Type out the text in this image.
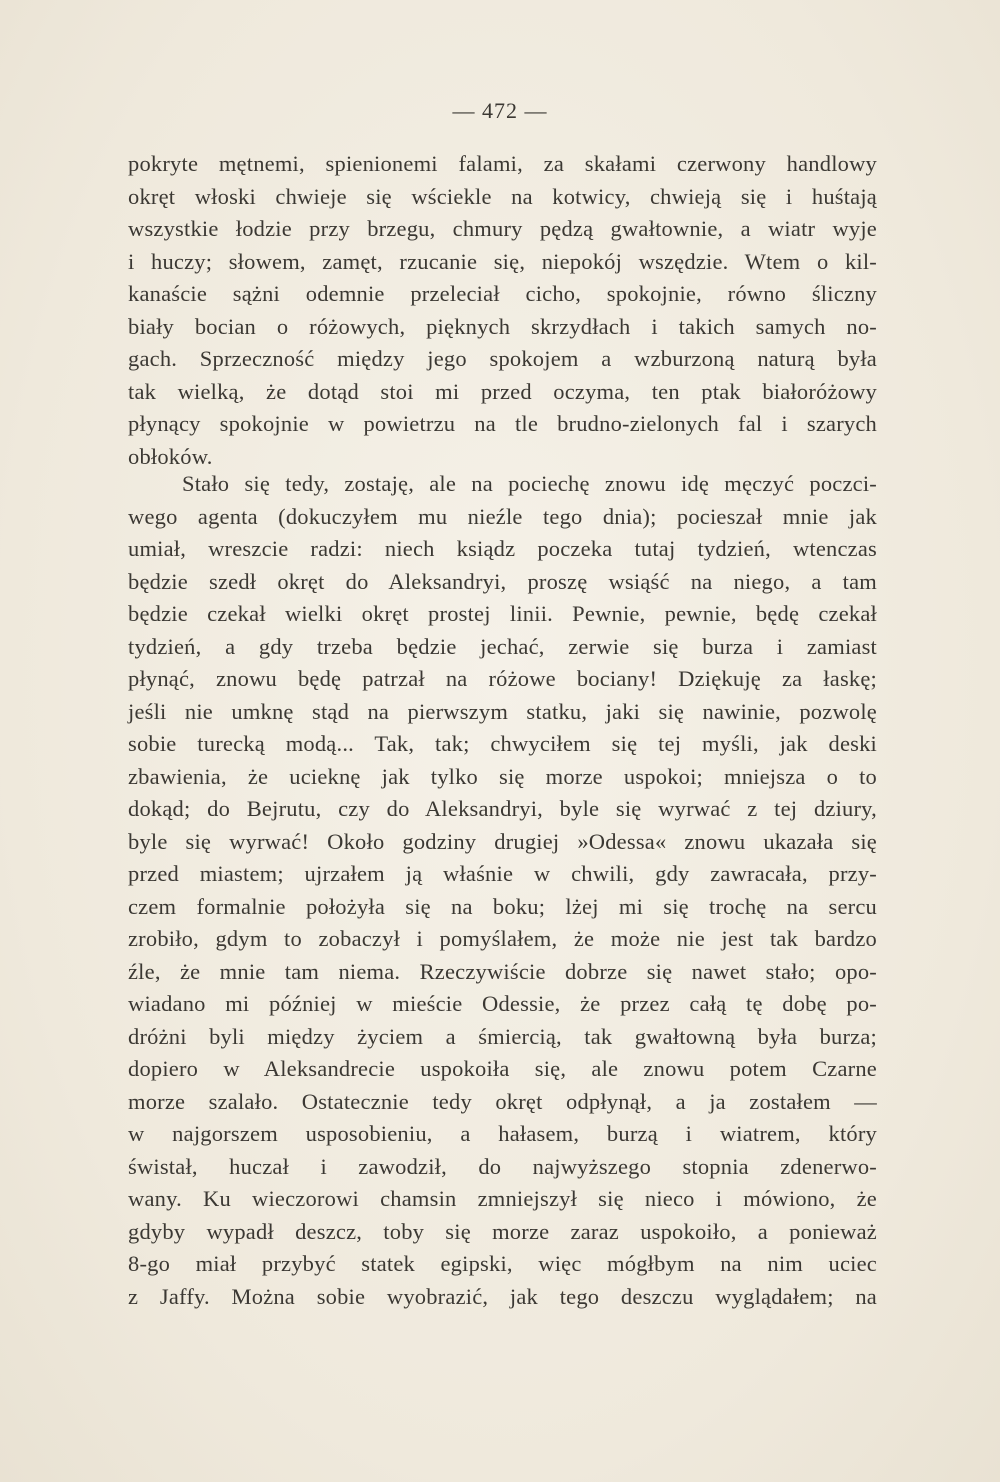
— 472 —
pokryte mętnemi, spienionemi falami, za skałami czerwony handlowy
okręt włoski chwieje się wściekle na kotwicy, chwieją się i huśtają
wszystkie łodzie przy brzegu, chmury pędzą gwałtownie, a wiatr wyje
i huczy; słowem, zamęt, rzucanie się, niepokój wszędzie. Wtem o kil-
kanaście sążni odemnie przeleciał cicho, spokojnie, równo śliczny
biały bocian o różowych, pięknych skrzydłach i takich samych no-
gach. Sprzeczność między jego spokojem a wzburzoną naturą była
tak wielką, że dotąd stoi mi przed oczyma, ten ptak białoróżowy
płynący spokojnie w powietrzu na tle brudno-zielonych fal i szarych
obłoków.
Stało się tedy, zostaję, ale na pociechę znowu idę męczyć poczci-
wego agenta (dokuczyłem mu nieźle tego dnia); pocieszał mnie jak
umiał, wreszcie radzi: niech ksiądz poczeka tutaj tydzień, wtenczas
będzie szedł okręt do Aleksandryi, proszę wsiąść na niego, a tam
będzie czekał wielki okręt prostej linii. Pewnie, pewnie, będę czekał
tydzień, a gdy trzeba będzie jechać, zerwie się burza i zamiast
płynąć, znowu będę patrzał na różowe bociany! Dziękuję za łaskę;
jeśli nie umknę stąd na pierwszym statku, jaki się nawinie, pozwolę
sobie turecką modą... Tak, tak; chwyciłem się tej myśli, jak deski
zbawienia, że ucieknę jak tylko się morze uspokoi; mniejsza o to
dokąd; do Bejrutu, czy do Aleksandryi, byle się wyrwać z tej dziury,
byle się wyrwać! Około godziny drugiej »Odessa« znowu ukazała się
przed miastem; ujrzałem ją właśnie w chwili, gdy zawracała, przy-
czem formalnie położyła się na boku; lżej mi się trochę na sercu
zrobiło, gdym to zobaczył i pomyślałem, że może nie jest tak bardzo
źle, że mnie tam niema. Rzeczywiście dobrze się nawet stało; opo-
wiadano mi później w mieście Odessie, że przez całą tę dobę po-
dróżni byli między życiem a śmiercią, tak gwałtowną była burza;
dopiero w Aleksandrecie uspokoiła się, ale znowu potem Czarne
morze szalało. Ostatecznie tedy okręt odpłynął, a ja zostałem —
w najgorszem usposobieniu, a hałasem, burzą i wiatrem, który
świstał, huczał i zawodził, do najwyższego stopnia zdenerwo-
wany. Ku wieczorowi chamsin zmniejszył się nieco i mówiono, że
gdyby wypadł deszcz, toby się morze zaraz uspokoiło, a ponieważ
8-go miał przybyć statek egipski, więc mógłbym na nim uciec
z Jaffy. Można sobie wyobrazić, jak tego deszczu wyglądałem; na
